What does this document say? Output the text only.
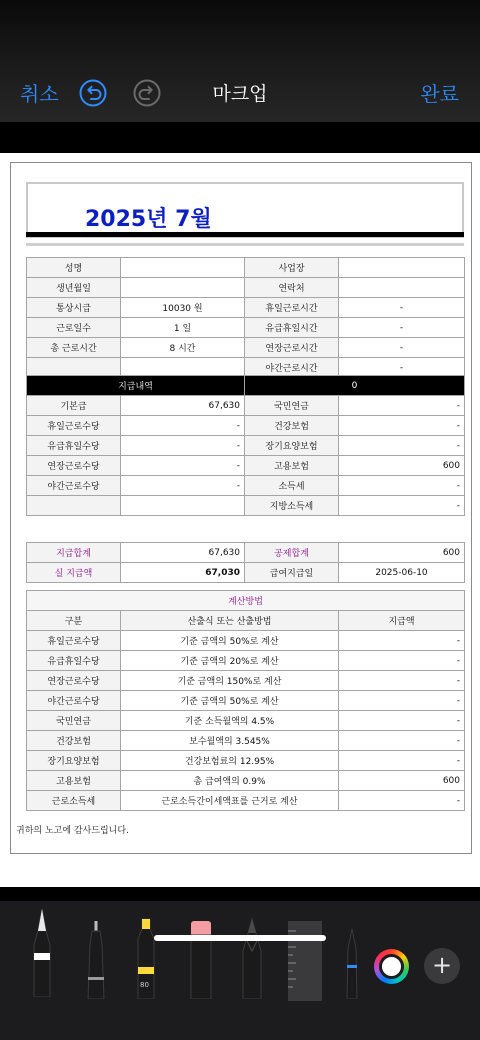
취소	마크업	완료
2025년 7월
성명		사업장	
생년월일		연락처	
통상시급	10030 원	휴일근로시간	-
근로일수	1 일	유급휴일시간	-
총 근로시간	8 시간	연장근로시간	-
		야간근로시간	-
지급내역		0	
기본급	67,630	국민연금	-
휴일근로수당	-	건강보험	-
유급휴일수당	-	장기요양보험	-
연장근로수당	-	고용보험	600
야간근로수당	-	소득세	-
		지방소득세	-
지급합계	67,630	공제합계	600
실 지급액	67,030	급여지급일	2025-06-10
계산방법		
구분	산출식 또는 산출방법	지급액
휴일근로수당	기준 금액의 50%로 계산	-
유급휴일수당	기준 금액의 20%로 계산	-
연장근로수당	기준 금액의 150%로 계산	-
야간근로수당	기준 금액의 50%로 계산	-
국민연금	기준 소득월액의 4.5%	-
건강보험	보수월액의 3.545%	-
장기요양보험	건강보험료의 12.95%	-
고용보험	총 급여액의 0.9%	600
근로소득세	근로소득간이세액표를 근거로 계산	-
귀하의 노고에 감사드립니다.
80
+
